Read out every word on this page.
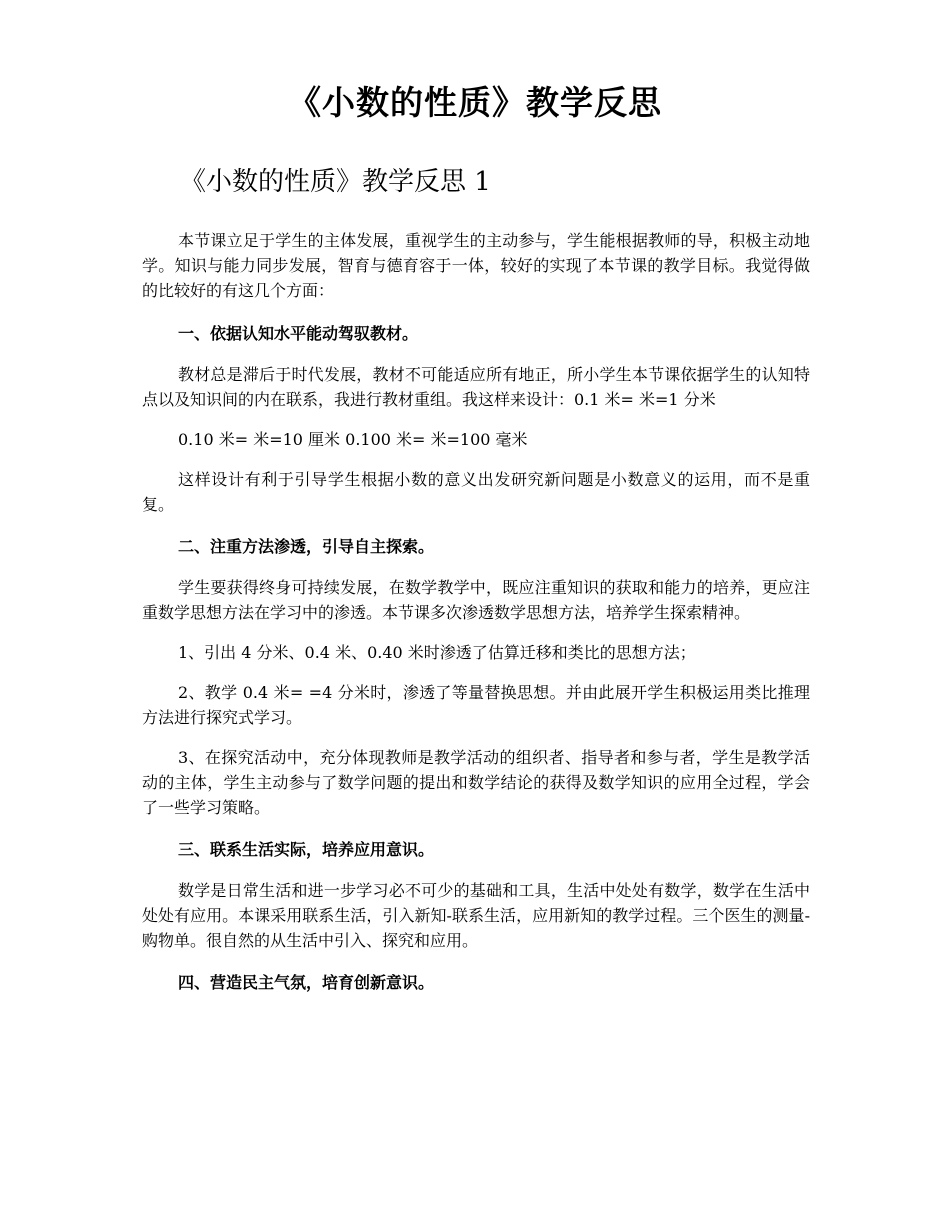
《小数的性质》教学反思
《小数的性质》教学反思 1

本节课立足于学生的主体发展，重视学生的主动参与，学生能根据教师的导，积极主动地学。知识与能力同步发展，智育与德育容于一体，较好的实现了本节课的教学目标。我觉得做的比较好的有这几个方面：

一、依据认知水平能动驾驭教材。

教材总是滞后于时代发展，教材不可能适应所有地正，所小学生本节课依据学生的认知特点以及知识间的内在联系，我进行教材重组。我这样来设计：0.1 米= 米=1 分米

0.10 米= 米=10 厘米 0.100 米= 米=100 毫米

这样设计有利于引导学生根据小数的意义出发研究新问题是小数意义的运用，而不是重复。

二、注重方法渗透，引导自主探索。

学生要获得终身可持续发展，在数学教学中，既应注重知识的获取和能力的培养，更应注重数学思想方法在学习中的渗透。本节课多次渗透数学思想方法，培养学生探索精神。

1、引出 4 分米、0.4 米、0.40 米时渗透了估算迁移和类比的思想方法；

2、教学 0.4 米= =4 分米时，渗透了等量替换思想。并由此展开学生积极运用类比推理方法进行探究式学习。

3、在探究活动中，充分体现教师是教学活动的组织者、指导者和参与者，学生是教学活动的主体，学生主动参与了数学问题的提出和数学结论的获得及数学知识的应用全过程，学会了一些学习策略。

三、联系生活实际，培养应用意识。

数学是日常生活和进一步学习必不可少的基础和工具，生活中处处有数学，数学在生活中处处有应用。本课采用联系生活，引入新知-联系生活，应用新知的教学过程。三个医生的测量-购物单。很自然的从生活中引入、探究和应用。

四、营造民主气氛，培育创新意识。
